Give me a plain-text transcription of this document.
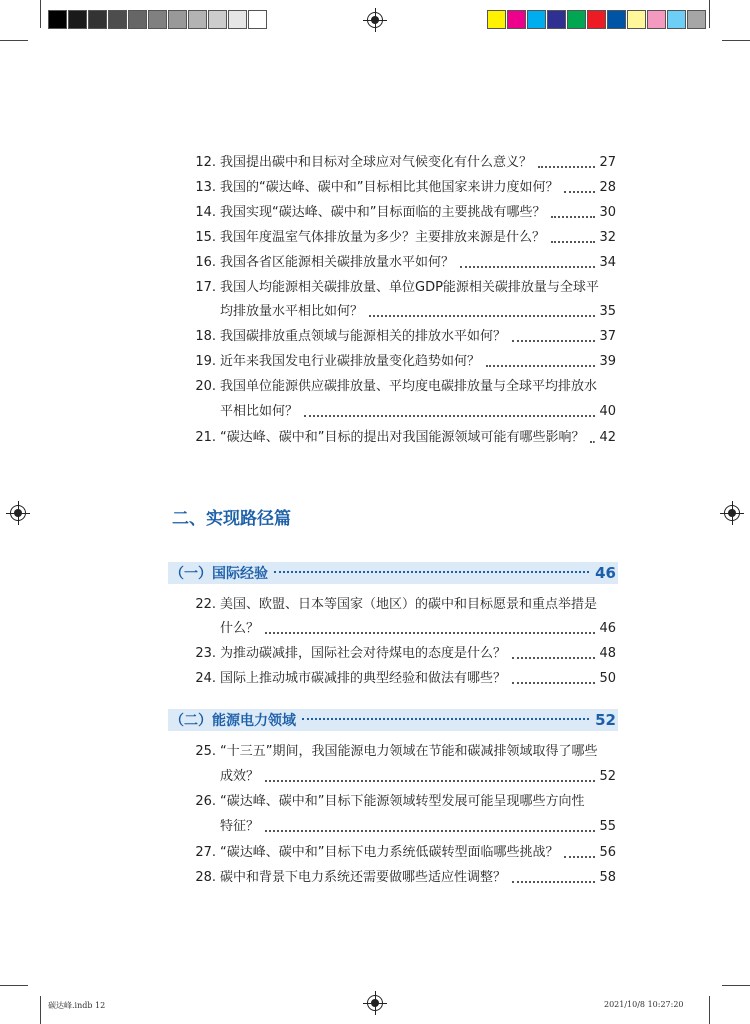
12. 我国提出碳中和目标对全球应对气候变化有什么意义？	27
13. 我国的“碳达峰、碳中和”目标相比其他国家来讲力度如何？	28
14. 我国实现“碳达峰、碳中和”目标面临的主要挑战有哪些？	30
15. 我国年度温室气体排放量为多少？主要排放来源是什么？	32
16. 我国各省区能源相关碳排放量水平如何？	34
17. 我国人均能源相关碳排放量、单位GDP能源相关碳排放量与全球平
均排放量水平相比如何？	35
18. 我国碳排放重点领域与能源相关的排放水平如何？	37
19. 近年来我国发电行业碳排放量变化趋势如何？	39
20. 我国单位能源供应碳排放量、平均度电碳排放量与全球平均排放水
平相比如何？	40
21. “碳达峰、碳中和”目标的提出对我国能源领域可能有哪些影响？ 42
二、实现路径篇
（一）国际经验	46
22. 美国、欧盟、日本等国家（地区）的碳中和目标愿景和重点举措是
什么？	46
23. 为推动碳减排，国际社会对待煤电的态度是什么？	48
24. 国际上推动城市碳减排的典型经验和做法有哪些？	50
（二）能源电力领域	52
25. “十三五”期间，我国能源电力领域在节能和碳减排领域取得了哪些
成效？	52
26. “碳达峰、碳中和”目标下能源领域转型发展可能呈现哪些方向性
特征？	55
27. “碳达峰、碳中和”目标下电力系统低碳转型面临哪些挑战？	56
28. 碳中和背景下电力系统还需要做哪些适应性调整？	58
碳达峰.indb 12	2021/10/8 10:27:20
